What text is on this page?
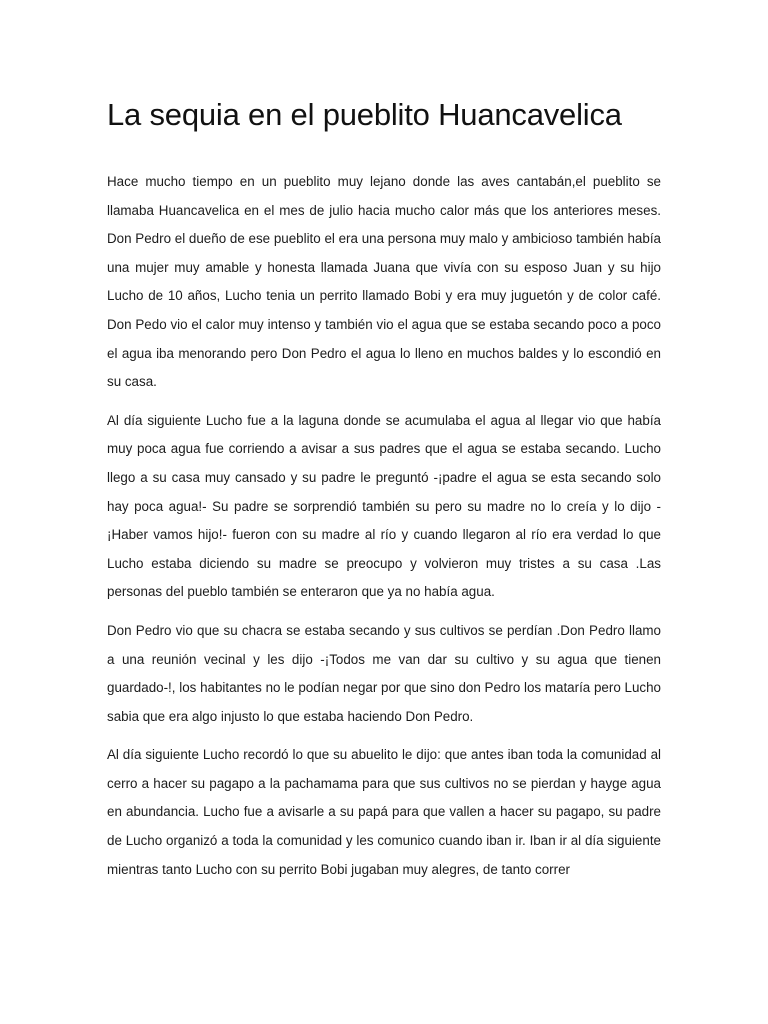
La sequia en el pueblito Huancavelica

Hace mucho tiempo en un pueblito muy lejano donde las aves cantabán,el pueblito se llamaba Huancavelica en el mes de julio hacia mucho calor más que los anteriores meses. Don Pedro el dueño de ese pueblito el era una persona muy malo y ambicioso también había una mujer muy amable y honesta llamada Juana que vivía con su esposo Juan y su hijo Lucho de 10 años, Lucho tenia un perrito llamado Bobi y era muy juguetón y de color café. Don Pedo vio el calor muy intenso y también vio el agua que se estaba secando poco a poco el agua iba menorando pero Don Pedro el agua lo lleno en muchos baldes y lo escondió en su casa.

Al día siguiente Lucho fue a la laguna donde se acumulaba el agua al llegar vio que había muy poca agua fue corriendo a avisar a sus padres que el agua se estaba secando. Lucho llego a su casa muy cansado y su padre le preguntó -¡padre el agua se esta secando solo hay poca agua!- Su padre se sorprendió también su pero su madre no lo creía y lo dijo - ¡Haber vamos hijo!- fueron con su madre al río y cuando llegaron al río era verdad lo que Lucho estaba diciendo su madre se preocupo y volvieron muy tristes a su casa .Las personas del pueblo también se enteraron que ya no había agua.

Don Pedro vio que su chacra se estaba secando y sus cultivos se perdían .Don Pedro llamo a una reunión vecinal y les dijo -¡Todos me van dar su cultivo y su agua que tienen guardado-!, los habitantes no le podían negar por que sino don Pedro los mataría pero Lucho sabia que era algo injusto lo que estaba haciendo Don Pedro.

Al día siguiente Lucho recordó lo que su abuelito le dijo: que antes iban toda la comunidad al cerro a hacer su pagapo a la pachamama para que sus cultivos no se pierdan y hayge agua en abundancia. Lucho fue a avisarle a su papá para que vallen a hacer su pagapo, su padre de Lucho organizó a toda la comunidad y les comunico cuando iban ir. Iban ir al día siguiente mientras tanto Lucho con su perrito Bobi jugaban muy alegres, de tanto correr
